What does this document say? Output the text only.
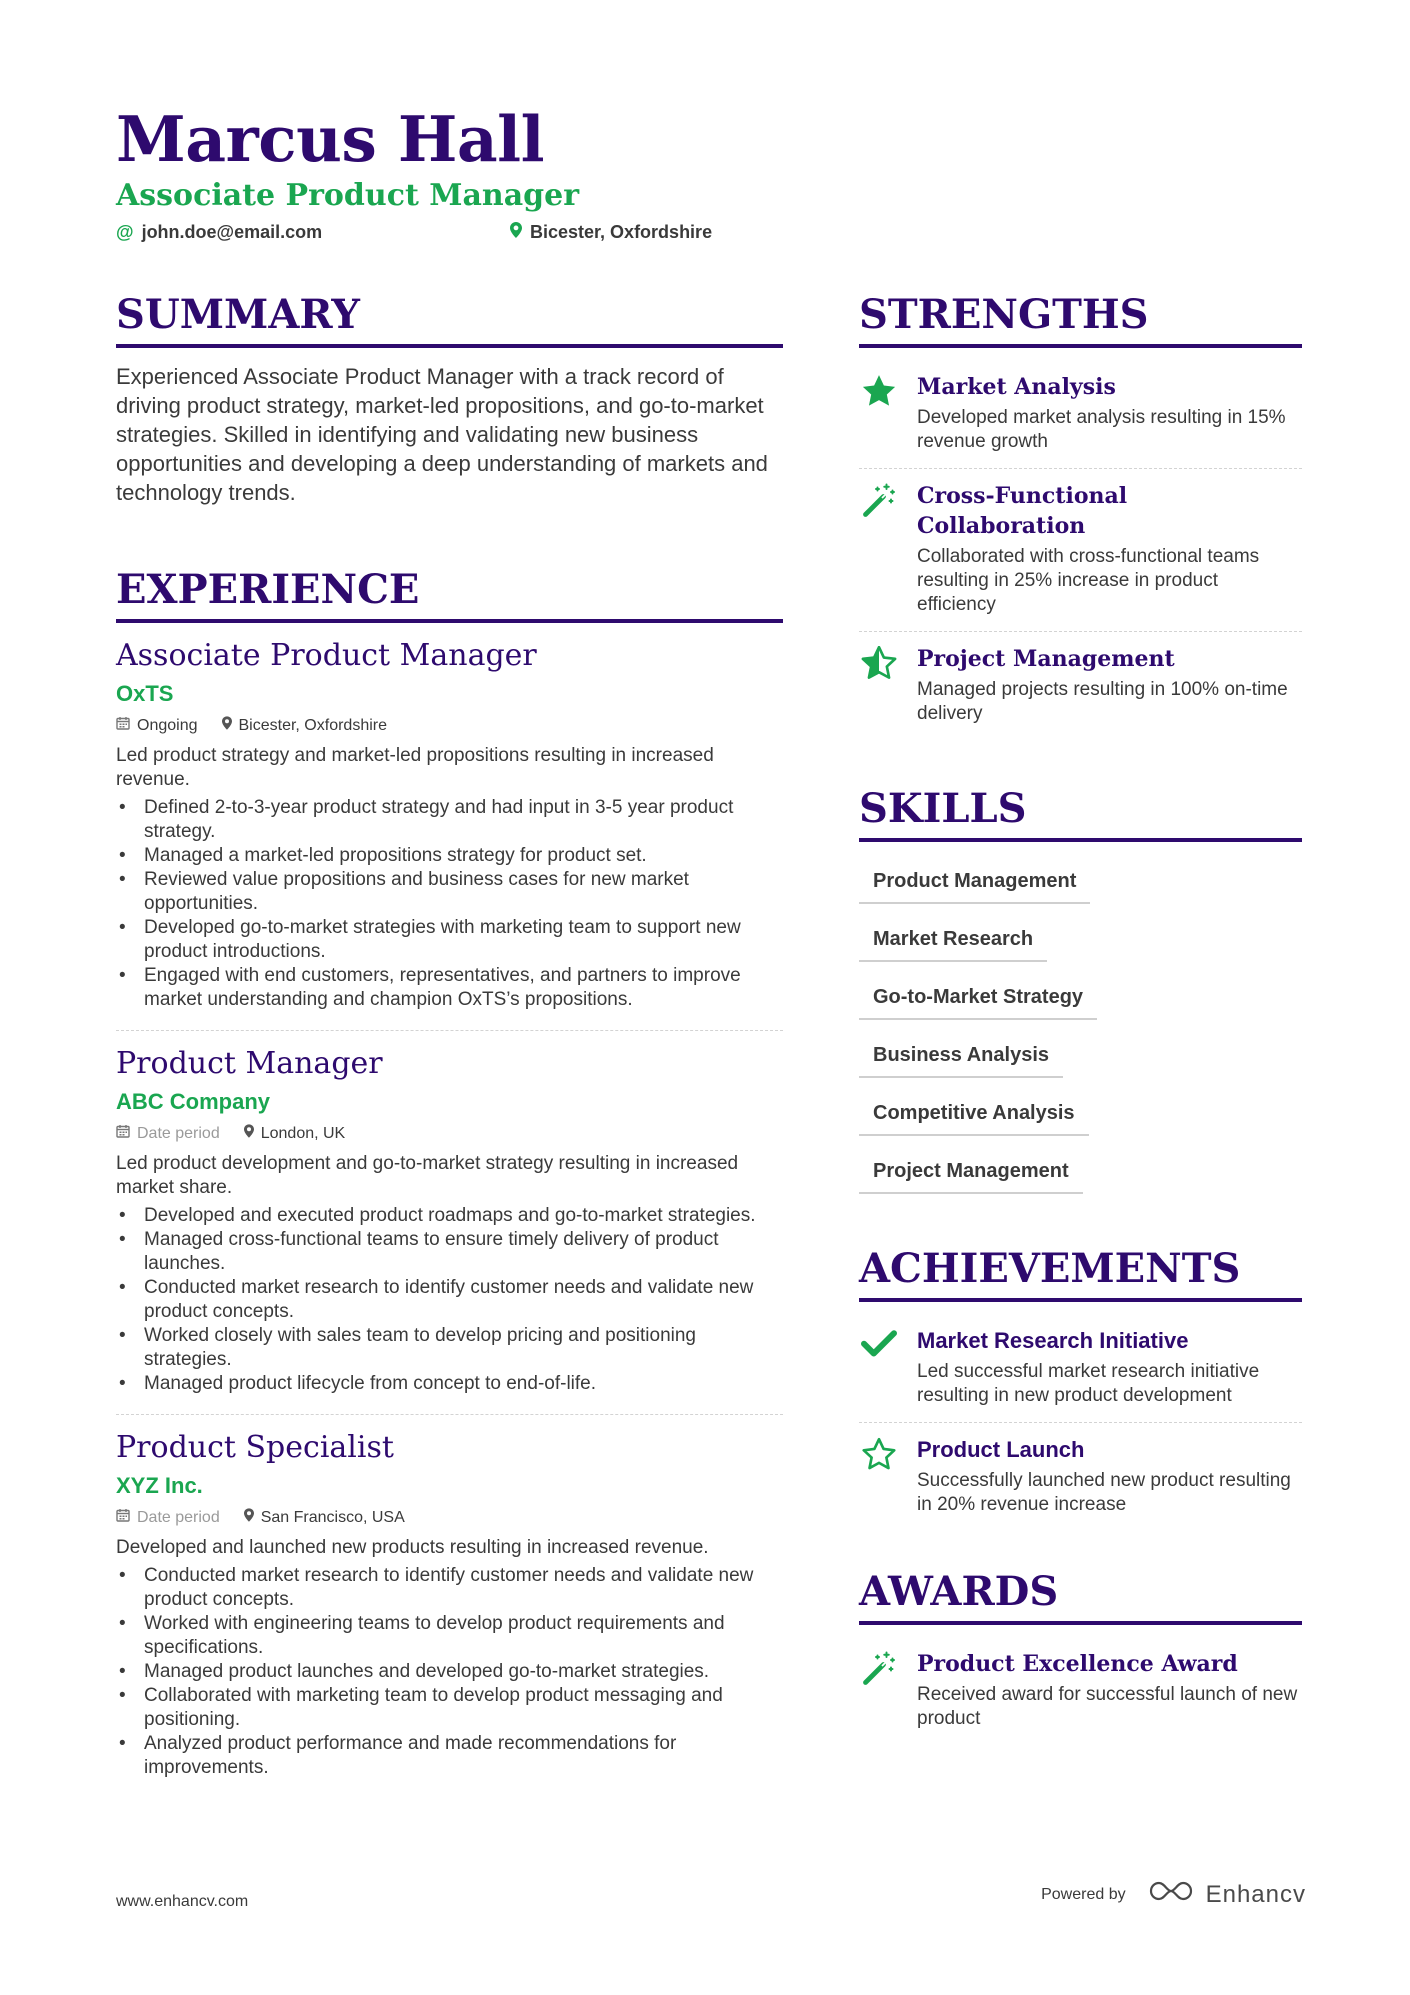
Marcus Hall
Associate Product Manager
@ john.doe@email.com	Bicester, Oxfordshire
SUMMARY
Experienced Associate Product Manager with a track record of driving product strategy, market-led propositions, and go-to-market strategies. Skilled in identifying and validating new business opportunities and developing a deep understanding of markets and technology trends.
EXPERIENCE
Associate Product Manager
OxTS
Ongoing	Bicester, Oxfordshire
Led product strategy and market-led propositions resulting in increased revenue.
• Defined 2-to-3-year product strategy and had input in 3-5 year product strategy.
• Managed a market-led propositions strategy for product set.
• Reviewed value propositions and business cases for new market opportunities.
• Developed go-to-market strategies with marketing team to support new product introductions.
• Engaged with end customers, representatives, and partners to improve market understanding and champion OxTS’s propositions.
Product Manager
ABC Company
Date period	London, UK
Led product development and go-to-market strategy resulting in increased market share.
• Developed and executed product roadmaps and go-to-market strategies.
• Managed cross-functional teams to ensure timely delivery of product launches.
• Conducted market research to identify customer needs and validate new product concepts.
• Worked closely with sales team to develop pricing and positioning strategies.
• Managed product lifecycle from concept to end-of-life.
Product Specialist
XYZ Inc.
Date period	San Francisco, USA
Developed and launched new products resulting in increased revenue.
• Conducted market research to identify customer needs and validate new product concepts.
• Worked with engineering teams to develop product requirements and specifications.
• Managed product launches and developed go-to-market strategies.
• Collaborated with marketing team to develop product messaging and positioning.
• Analyzed product performance and made recommendations for improvements.
STRENGTHS
Market Analysis
Developed market analysis resulting in 15% revenue growth
Cross-Functional Collaboration
Collaborated with cross-functional teams resulting in 25% increase in product efficiency
Project Management
Managed projects resulting in 100% on-time delivery
SKILLS
Product Management
Market Research
Go-to-Market Strategy
Business Analysis
Competitive Analysis
Project Management
ACHIEVEMENTS
Market Research Initiative
Led successful market research initiative resulting in new product development
Product Launch
Successfully launched new product resulting in 20% revenue increase
AWARDS
Product Excellence Award
Received award for successful launch of new product
www.enhancv.com	Powered by	Enhancv
